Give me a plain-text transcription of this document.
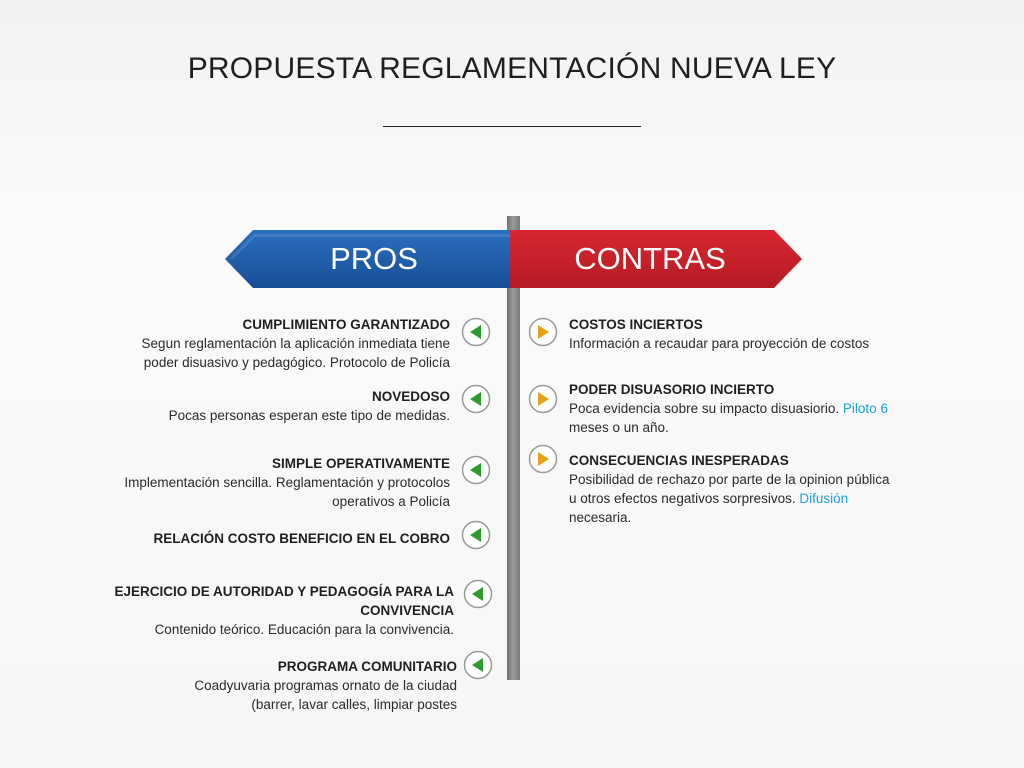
PROPUESTA REGLAMENTACIÓN NUEVA LEY
PROS	CONTRAS
CUMPLIMIENTO GARANTIZADO
Segun reglamentación la aplicación inmediata tiene
poder disuasivo y pedagógico. Protocolo de Policía
NOVEDOSO
Pocas personas esperan este tipo de medidas.
SIMPLE OPERATIVAMENTE
Implementación sencilla. Reglamentación y protocolos
operativos a Policía
RELACIÓN COSTO BENEFICIO EN EL COBRO
EJERCICIO DE AUTORIDAD Y PEDAGOGÍA PARA LA
CONVIVENCIA
Contenido teórico. Educación para la convivencia.
PROGRAMA COMUNITARIO
Coadyuvaria programas ornato de la ciudad
(barrer, lavar calles, limpiar postes
COSTOS INCIERTOS
Información a recaudar para proyección de costos
PODER DISUASORIO INCIERTO
Poca evidencia sobre su impacto disuasiorio. Piloto 6
meses o un año.
CONSECUENCIAS INESPERADAS
Posibilidad de rechazo por parte de la opinion pública
u otros efectos negativos sorpresivos. Difusión
necesaria.
